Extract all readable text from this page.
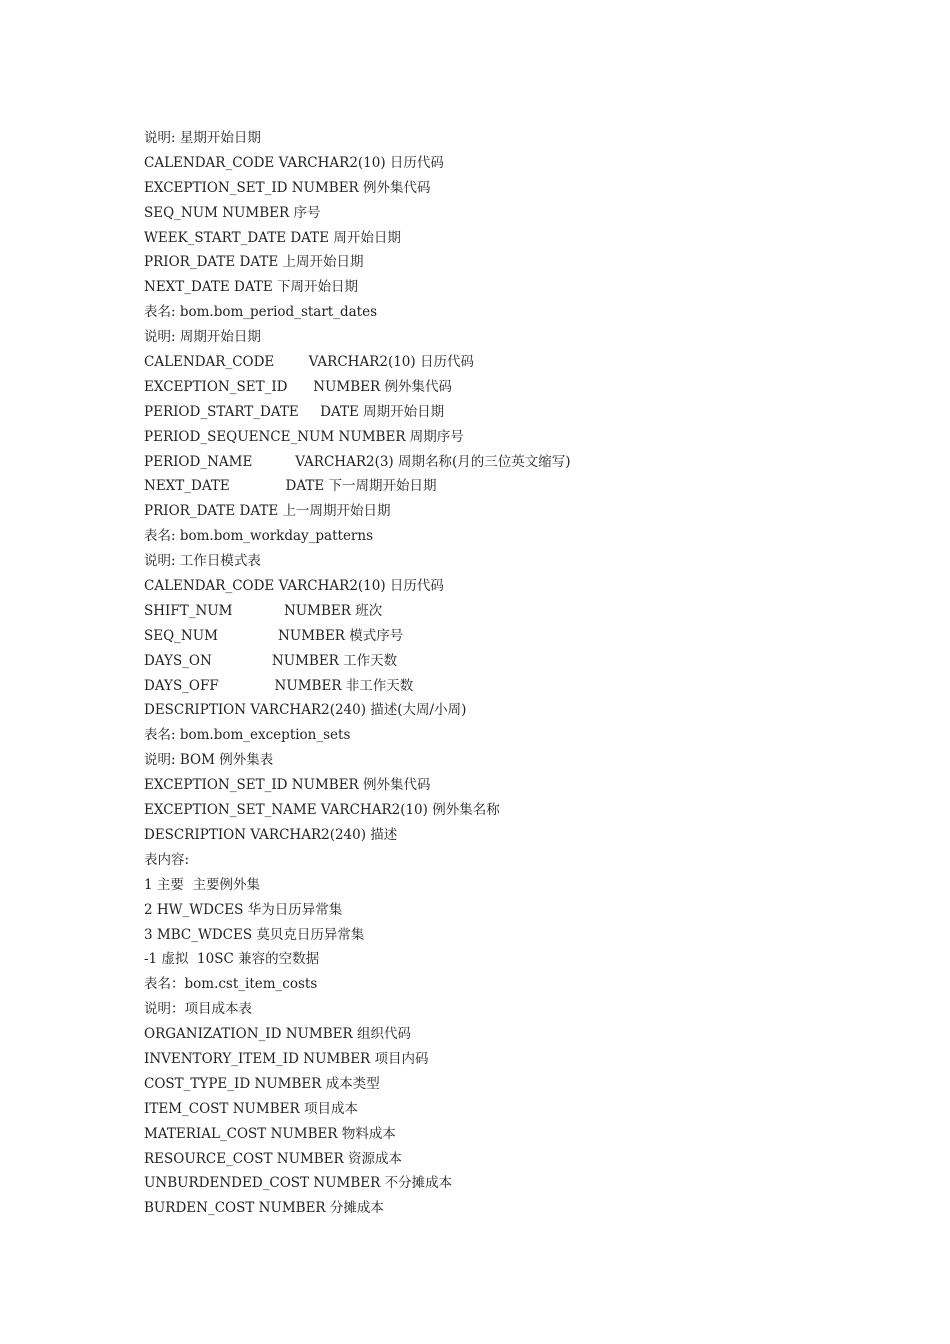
说明: 星期开始日期
CALENDAR_CODE VARCHAR2(10) 日历代码
EXCEPTION_SET_ID NUMBER 例外集代码
SEQ_NUM NUMBER 序号
WEEK_START_DATE DATE 周开始日期
PRIOR_DATE DATE 上周开始日期
NEXT_DATE DATE 下周开始日期
表名: bom.bom_period_start_dates
说明: 周期开始日期
CALENDAR_CODE        VARCHAR2(10) 日历代码
EXCEPTION_SET_ID      NUMBER 例外集代码
PERIOD_START_DATE     DATE 周期开始日期
PERIOD_SEQUENCE_NUM NUMBER 周期序号
PERIOD_NAME          VARCHAR2(3) 周期名称(月的三位英文缩写)
NEXT_DATE             DATE 下一周期开始日期
PRIOR_DATE DATE 上一周期开始日期
表名: bom.bom_workday_patterns
说明: 工作日模式表
CALENDAR_CODE VARCHAR2(10) 日历代码
SHIFT_NUM            NUMBER 班次
SEQ_NUM              NUMBER 模式序号
DAYS_ON              NUMBER 工作天数
DAYS_OFF             NUMBER 非工作天数
DESCRIPTION VARCHAR2(240) 描述(大周/小周)
表名: bom.bom_exception_sets
说明: BOM 例外集表
EXCEPTION_SET_ID NUMBER 例外集代码
EXCEPTION_SET_NAME VARCHAR2(10) 例外集名称
DESCRIPTION VARCHAR2(240) 描述
表内容:
1 主要  主要例外集
2 HW_WDCES 华为日历异常集
3 MBC_WDCES 莫贝克日历异常集
-1 虚拟  10SC 兼容的空数据
表名：bom.cst_item_costs
说明：项目成本表
ORGANIZATION_ID NUMBER 组织代码
INVENTORY_ITEM_ID NUMBER 项目内码
COST_TYPE_ID NUMBER 成本类型
ITEM_COST NUMBER 项目成本
MATERIAL_COST NUMBER 物料成本
RESOURCE_COST NUMBER 资源成本
UNBURDENDED_COST NUMBER 不分摊成本
BURDEN_COST NUMBER 分摊成本
